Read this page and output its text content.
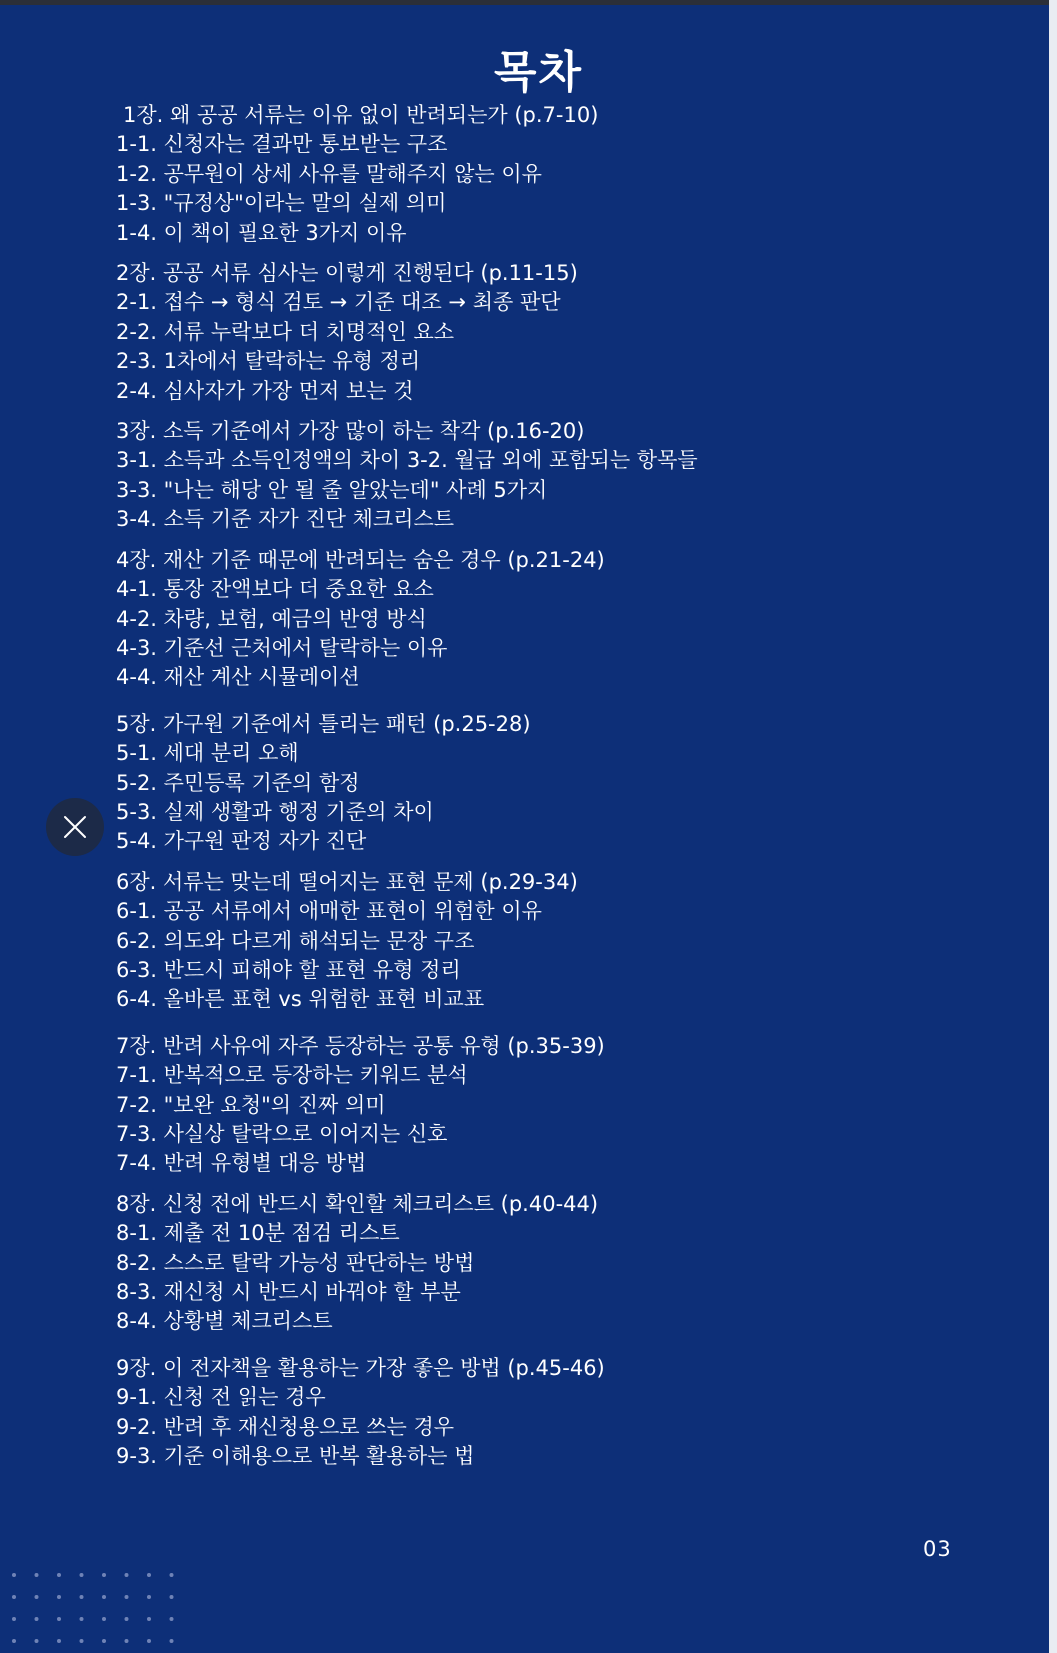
목차
1장. 왜 공공 서류는 이유 없이 반려되는가 (p.7-10)
1-1. 신청자는 결과만 통보받는 구조
1-2. 공무원이 상세 사유를 말해주지 않는 이유
1-3. "규정상"이라는 말의 실제 의미
1-4. 이 책이 필요한 3가지 이유
2장. 공공 서류 심사는 이렇게 진행된다 (p.11-15)
2-1. 접수 → 형식 검토 → 기준 대조 → 최종 판단
2-2. 서류 누락보다 더 치명적인 요소
2-3. 1차에서 탈락하는 유형 정리
2-4. 심사자가 가장 먼저 보는 것
3장. 소득 기준에서 가장 많이 하는 착각 (p.16-20)
3-1. 소득과 소득인정액의 차이 3-2. 월급 외에 포함되는 항목들
3-3. "나는 해당 안 될 줄 알았는데" 사례 5가지
3-4. 소득 기준 자가 진단 체크리스트
4장. 재산 기준 때문에 반려되는 숨은 경우 (p.21-24)
4-1. 통장 잔액보다 더 중요한 요소
4-2. 차량, 보험, 예금의 반영 방식
4-3. 기준선 근처에서 탈락하는 이유
4-4. 재산 계산 시뮬레이션
5장. 가구원 기준에서 틀리는 패턴 (p.25-28)
5-1. 세대 분리 오해
5-2. 주민등록 기준의 함정
5-3. 실제 생활과 행정 기준의 차이
5-4. 가구원 판정 자가 진단
6장. 서류는 맞는데 떨어지는 표현 문제 (p.29-34)
6-1. 공공 서류에서 애매한 표현이 위험한 이유
6-2. 의도와 다르게 해석되는 문장 구조
6-3. 반드시 피해야 할 표현 유형 정리
6-4. 올바른 표현 vs 위험한 표현 비교표
7장. 반려 사유에 자주 등장하는 공통 유형 (p.35-39)
7-1. 반복적으로 등장하는 키워드 분석
7-2. "보완 요청"의 진짜 의미
7-3. 사실상 탈락으로 이어지는 신호
7-4. 반려 유형별 대응 방법
8장. 신청 전에 반드시 확인할 체크리스트 (p.40-44)
8-1. 제출 전 10분 점검 리스트
8-2. 스스로 탈락 가능성 판단하는 방법
8-3. 재신청 시 반드시 바꿔야 할 부분
8-4. 상황별 체크리스트
9장. 이 전자책을 활용하는 가장 좋은 방법 (p.45-46)
9-1. 신청 전 읽는 경우
9-2. 반려 후 재신청용으로 쓰는 경우
9-3. 기준 이해용으로 반복 활용하는 법
03
